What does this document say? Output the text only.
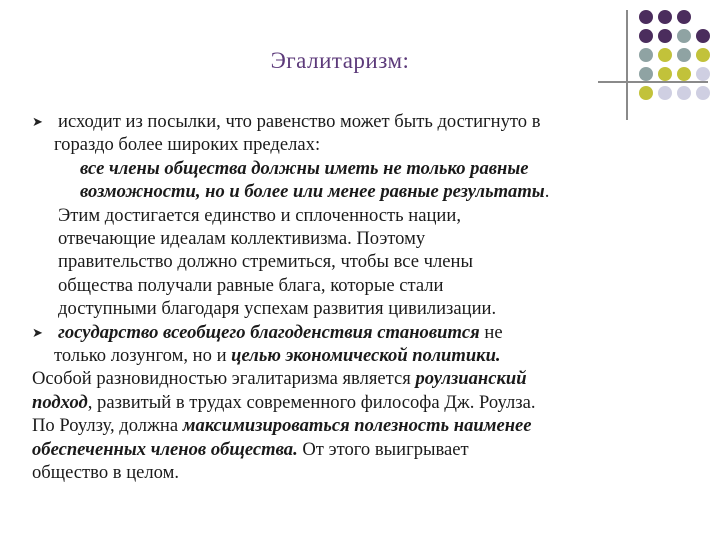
Эгалитаризм:
➤ исходит из посылки, что равенство может быть достигнуто в
гораздо более широких пределах:
все члены общества должны иметь не только равные
возможности, но и более или менее равные результаты.
Этим достигается единство и сплоченность нации,
отвечающие идеалам коллективизма. Поэтому
правительство должно стремиться, чтобы все члены
общества получали равные блага, которые стали
доступными благодаря успехам развития цивилизации.
➤ государство всеобщего благоденствия становится не
только лозунгом, но и целью экономической политики.
Особой разновидностью эгалитаризма является роулзианский
подход, развитый в трудах современного философа Дж. Роулза.
По Роулзу, должна максимизироваться полезность наименее
обеспеченных членов общества. От этого выигрывает
общество в целом.
